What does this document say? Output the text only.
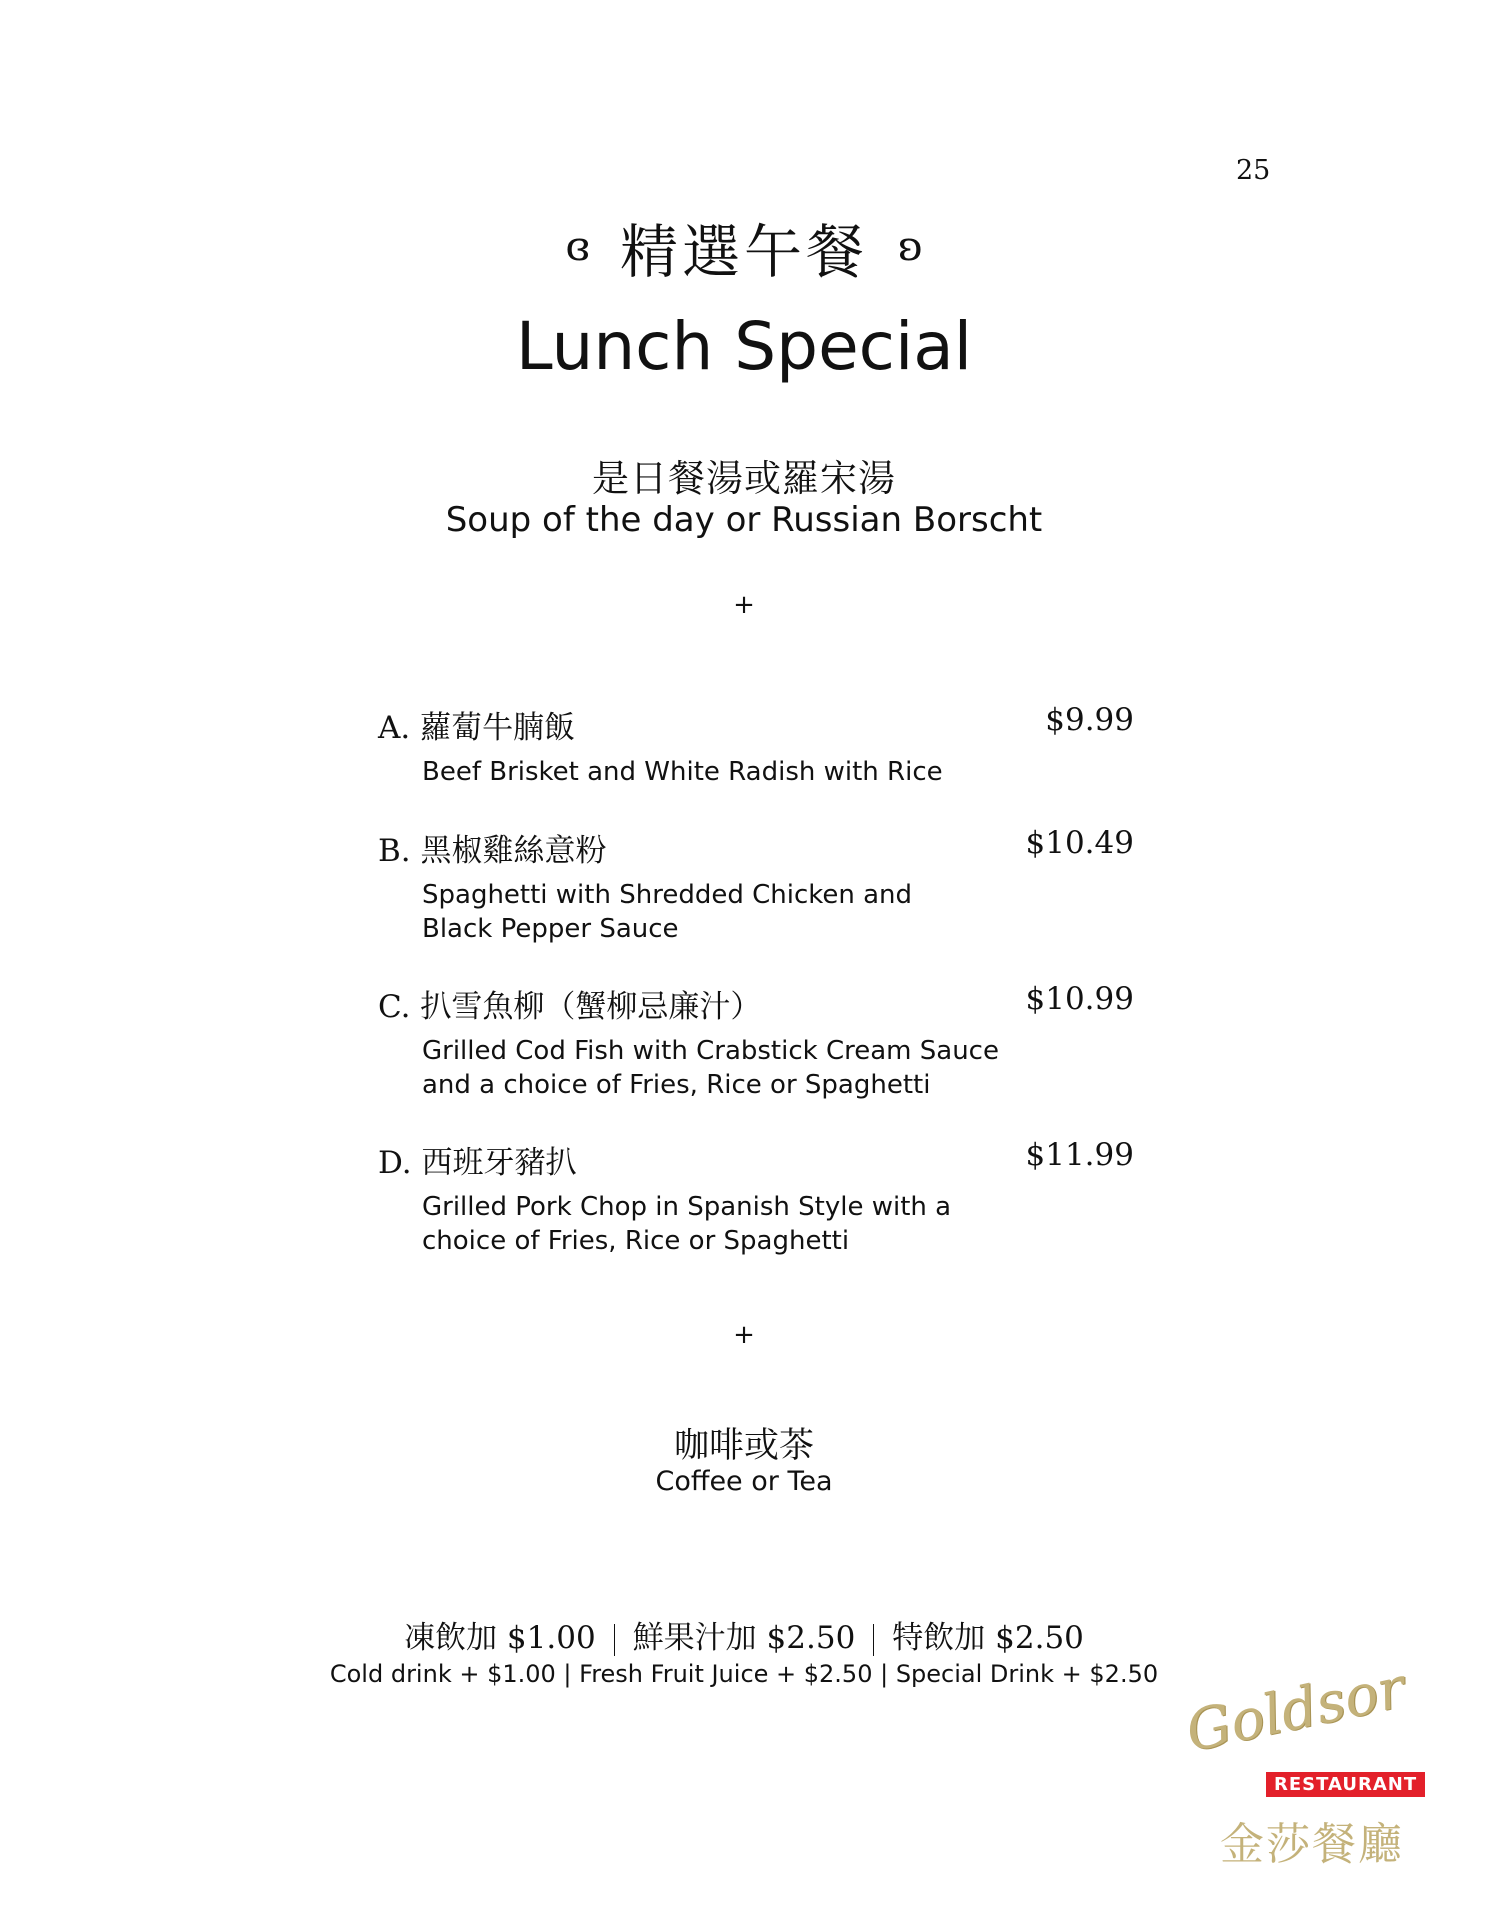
25
ɞ 精選午餐 ʚ
Lunch Special
是日餐湯或羅宋湯
Soup of the day or Russian Borscht
+
A. 蘿蔔牛腩飯	$9.99
Beef Brisket and White Radish with Rice
B. 黑椒雞絲意粉	$10.49
Spaghetti with Shredded Chicken and
Black Pepper Sauce
C. 扒雪魚柳（蟹柳忌廉汁）	$10.99
Grilled Cod Fish with Crabstick Cream Sauce
and a choice of Fries, Rice or Spaghetti
D. 西班牙豬扒	$11.99
Grilled Pork Chop in Spanish Style with a
choice of Fries, Rice or Spaghetti
+
咖啡或茶
Coffee or Tea
凍飲加 $1.00 鮮果汁加 $2.50 特飲加 $2.50
Cold drink + $1.00 | Fresh Fruit Juice + $2.50 | Special Drink + $2.50 Goldsor
RESTAURANT
金莎餐廳
